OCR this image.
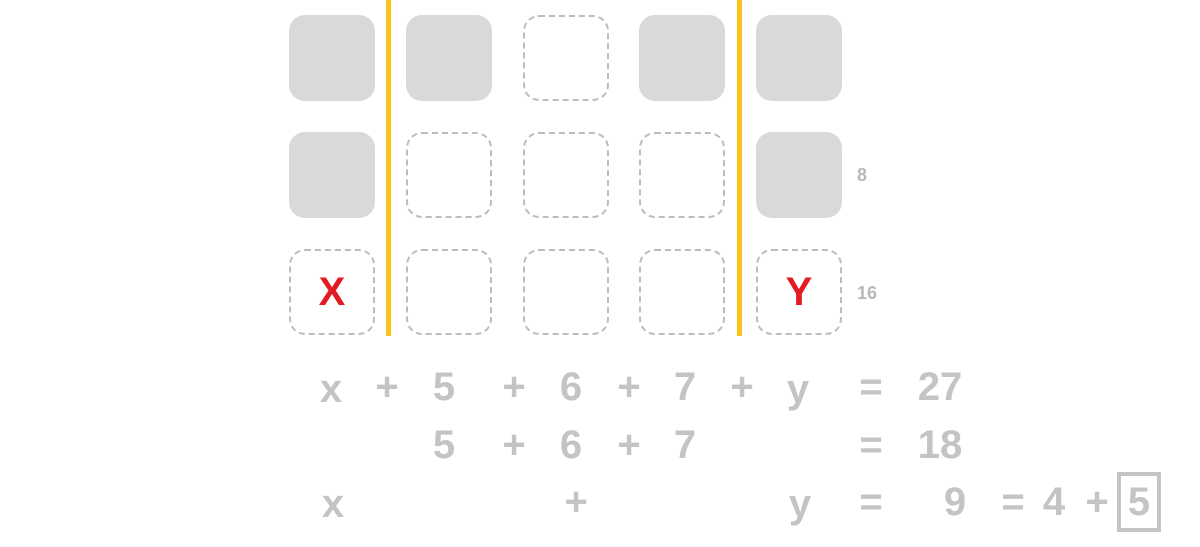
X	Y
8
16
x + 5 + 6 + 7 + y = 27
5 + 6 + 7	= 18
x	+	y = 9 = 4 + 5
